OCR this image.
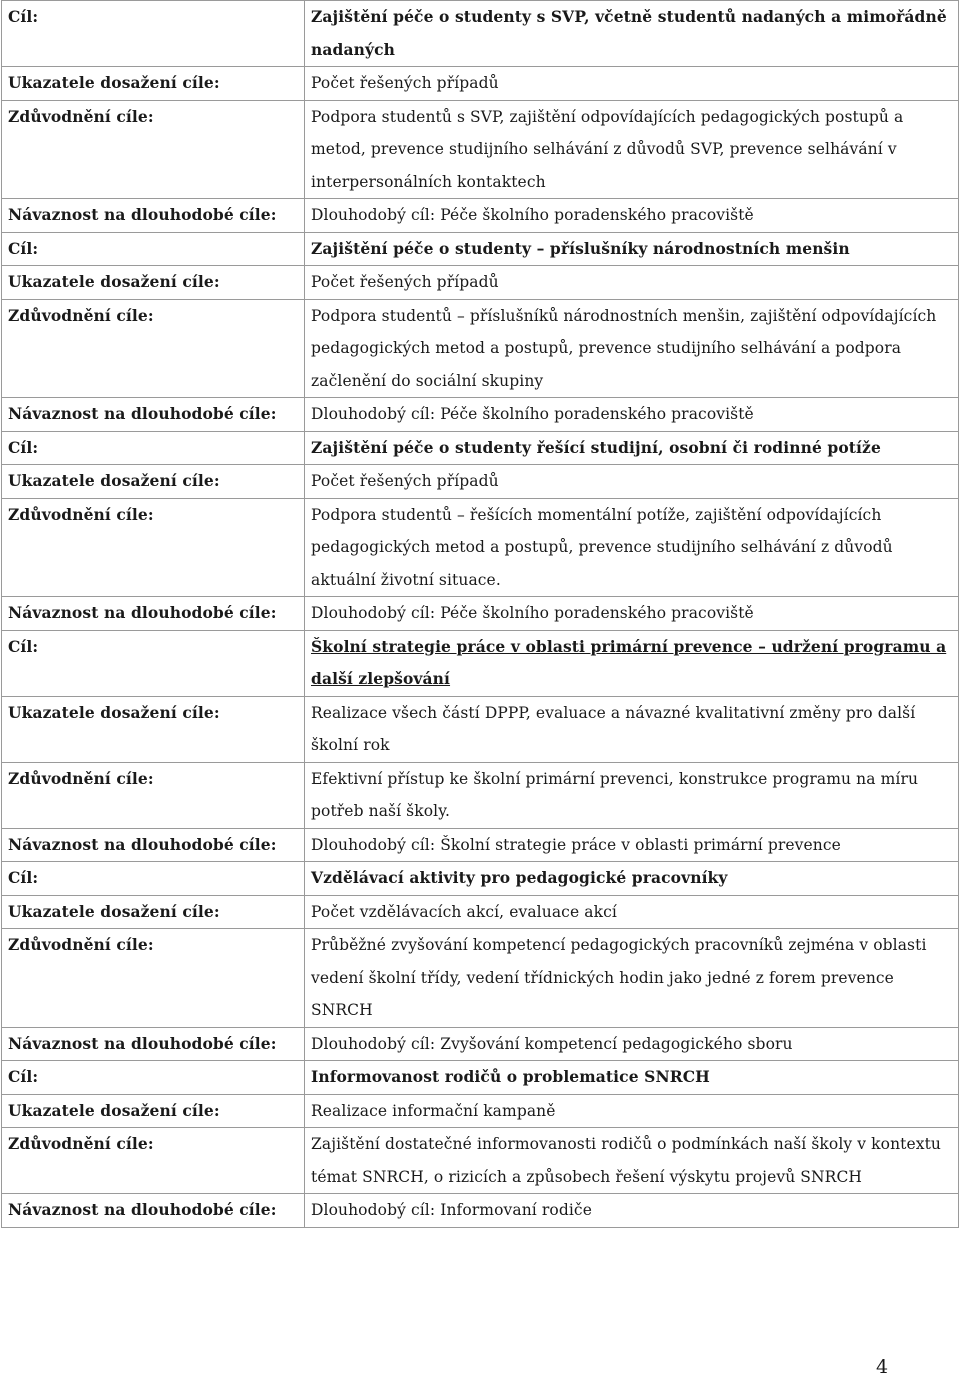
Cíl:	Zajištění péče o studenty s SVP, včetně studentů nadaných a mimořádně nadaných
Ukazatele dosažení cíle:	Počet řešených případů
Zdůvodnění cíle:	Podpora studentů s SVP, zajištění odpovídajících pedagogických postupů a metod, prevence studijního selhávání z důvodů SVP, prevence selhávání v interpersonálních kontaktech
Návaznost na dlouhodobé cíle:	Dlouhodobý cíl: Péče školního poradenského pracoviště
Cíl:	Zajištění péče o studenty – příslušníky národnostních menšin
Ukazatele dosažení cíle:	Počet řešených případů
Zdůvodnění cíle:	Podpora studentů – příslušníků národnostních menšin, zajištění odpovídajících pedagogických metod a postupů, prevence studijního selhávání a podpora začlenění do sociální skupiny
Návaznost na dlouhodobé cíle:	Dlouhodobý cíl: Péče školního poradenského pracoviště
Cíl:	Zajištění péče o studenty řešící studijní, osobní či rodinné potíže
Ukazatele dosažení cíle:	Počet řešených případů
Zdůvodnění cíle:	Podpora studentů – řešících momentální potíže, zajištění odpovídajících pedagogických metod a postupů, prevence studijního selhávání z důvodů aktuální životní situace.
Návaznost na dlouhodobé cíle:	Dlouhodobý cíl: Péče školního poradenského pracoviště
Cíl:	Školní strategie práce v oblasti primární prevence – udržení programu a další zlepšování
Ukazatele dosažení cíle:	Realizace všech částí DPPP, evaluace a návazné kvalitativní změny pro další školní rok
Zdůvodnění cíle:	Efektivní přístup ke školní primární prevenci, konstrukce programu na míru potřeb naší školy.
Návaznost na dlouhodobé cíle:	Dlouhodobý cíl: Školní strategie práce v oblasti primární prevence
Cíl:	Vzdělávací aktivity pro pedagogické pracovníky
Ukazatele dosažení cíle:	Počet vzdělávacích akcí, evaluace akcí
Zdůvodnění cíle:	Průběžné zvyšování kompetencí pedagogických pracovníků zejména v oblasti vedení školní třídy, vedení třídnických hodin jako jedné z forem prevence SNRCH
Návaznost na dlouhodobé cíle:	Dlouhodobý cíl: Zvyšování kompetencí pedagogického sboru
Cíl:	Informovanost rodičů o problematice SNRCH
Ukazatele dosažení cíle:	Realizace informační kampaně
Zdůvodnění cíle:	Zajištění dostatečné informovanosti rodičů o podmínkách naší školy v kontextu témat SNRCH, o rizicích a způsobech řešení výskytu projevů SNRCH
Návaznost na dlouhodobé cíle:	Dlouhodobý cíl: Informovaní rodiče
4
